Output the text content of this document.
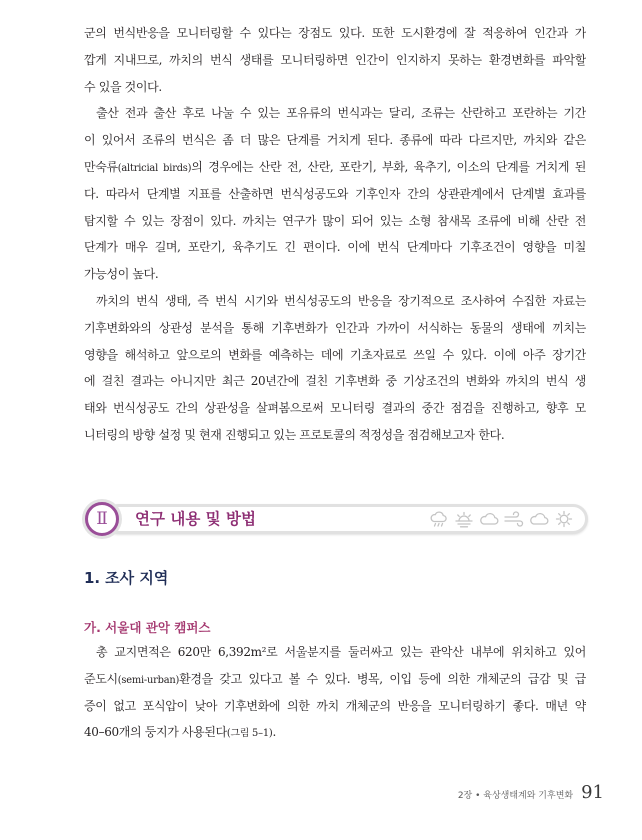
군의 번식반응을 모니터링할 수 있다는 장점도 있다. 또한 도시환경에 잘 적응하여 인간과 가
깝게 지내므로, 까치의 번식 생태를 모니터링하면 인간이 인지하지 못하는 환경변화를 파악할
수 있을 것이다.
출산 전과 출산 후로 나눌 수 있는 포유류의 번식과는 달리, 조류는 산란하고 포란하는 기간
이 있어서 조류의 번식은 좀 더 많은 단계를 거치게 된다. 종류에 따라 다르지만, 까치와 같은
만숙류(altricial birds)의 경우에는 산란 전, 산란, 포란기, 부화, 육추기, 이소의 단계를 거치게 된
다. 따라서 단계별 지표를 산출하면 번식성공도와 기후인자 간의 상관관계에서 단계별 효과를
탐지할 수 있는 장점이 있다. 까치는 연구가 많이 되어 있는 소형 참새목 조류에 비해 산란 전
단계가 매우 길며, 포란기, 육추기도 긴 편이다. 이에 번식 단계마다 기후조건이 영향을 미칠
가능성이 높다.
까치의 번식 생태, 즉 번식 시기와 번식성공도의 반응을 장기적으로 조사하여 수집한 자료는
기후변화와의 상관성 분석을 통해 기후변화가 인간과 가까이 서식하는 동물의 생태에 끼치는
영향을 해석하고 앞으로의 변화를 예측하는 데에 기초자료로 쓰일 수 있다. 이에 아주 장기간
에 걸친 결과는 아니지만 최근 20년간에 걸친 기후변화 중 기상조건의 변화와 까치의 번식 생
태와 번식성공도 간의 상관성을 살펴봄으로써 모니터링 결과의 중간 점검을 진행하고, 향후 모
니터링의 방향 설정 및 현재 진행되고 있는 프로토콜의 적정성을 점검해보고자 한다.
연구 내용 및 방법
Ⅱ
1. 조사 지역
가. 서울대 관악 캠퍼스
총 교지면적은 620만 6,392m²로 서울분지를 둘러싸고 있는 관악산 내부에 위치하고 있어
준도시(semi-urban)환경을 갖고 있다고 볼 수 있다. 병목, 이입 등에 의한 개체군의 급감 및 급
증이 없고 포식압이 낮아 기후변화에 의한 까치 개체군의 반응을 모니터링하기 좋다. 매년 약
40–60개의 둥지가 사용된다(그림 5–1).
2장 • 육상생태계와 기후변화 91
